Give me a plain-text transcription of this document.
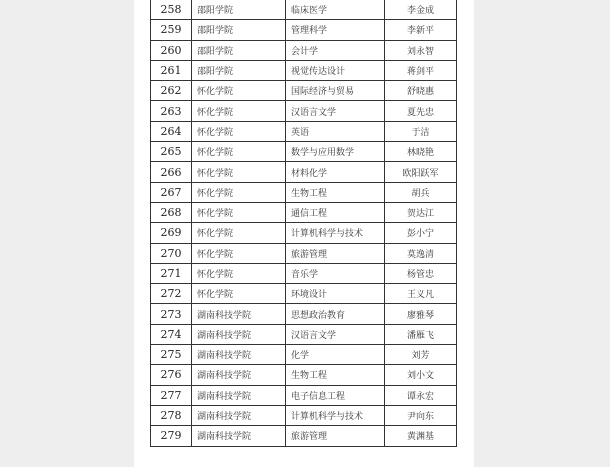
258	邵阳学院	临床医学	李金成
259	邵阳学院	管理科学	李新平
260	邵阳学院	会计学	刘永智
261	邵阳学院	视觉传达设计	蒋剑平
262	怀化学院	国际经济与贸易	舒晓惠
263	怀化学院	汉语言文学	夏先忠
264	怀化学院	英语	于洁
265	怀化学院	数学与应用数学	林晓艳
266	怀化学院	材料化学	欧阳跃军
267	怀化学院	生物工程	胡兵
268	怀化学院	通信工程	贺达江
269	怀化学院	计算机科学与技术	彭小宁
270	怀化学院	旅游管理	莫逸清
271	怀化学院	音乐学	杨管忠
272	怀化学院	环境设计	王义凡
273	湖南科技学院	思想政治教育	廖雅琴
274	湖南科技学院	汉语言文学	潘雁飞
275	湖南科技学院	化学	刘芳
276	湖南科技学院	生物工程	刘小文
277	湖南科技学院	电子信息工程	谭永宏
278	湖南科技学院	计算机科学与技术	尹向东
279	湖南科技学院	旅游管理	黄渊基
